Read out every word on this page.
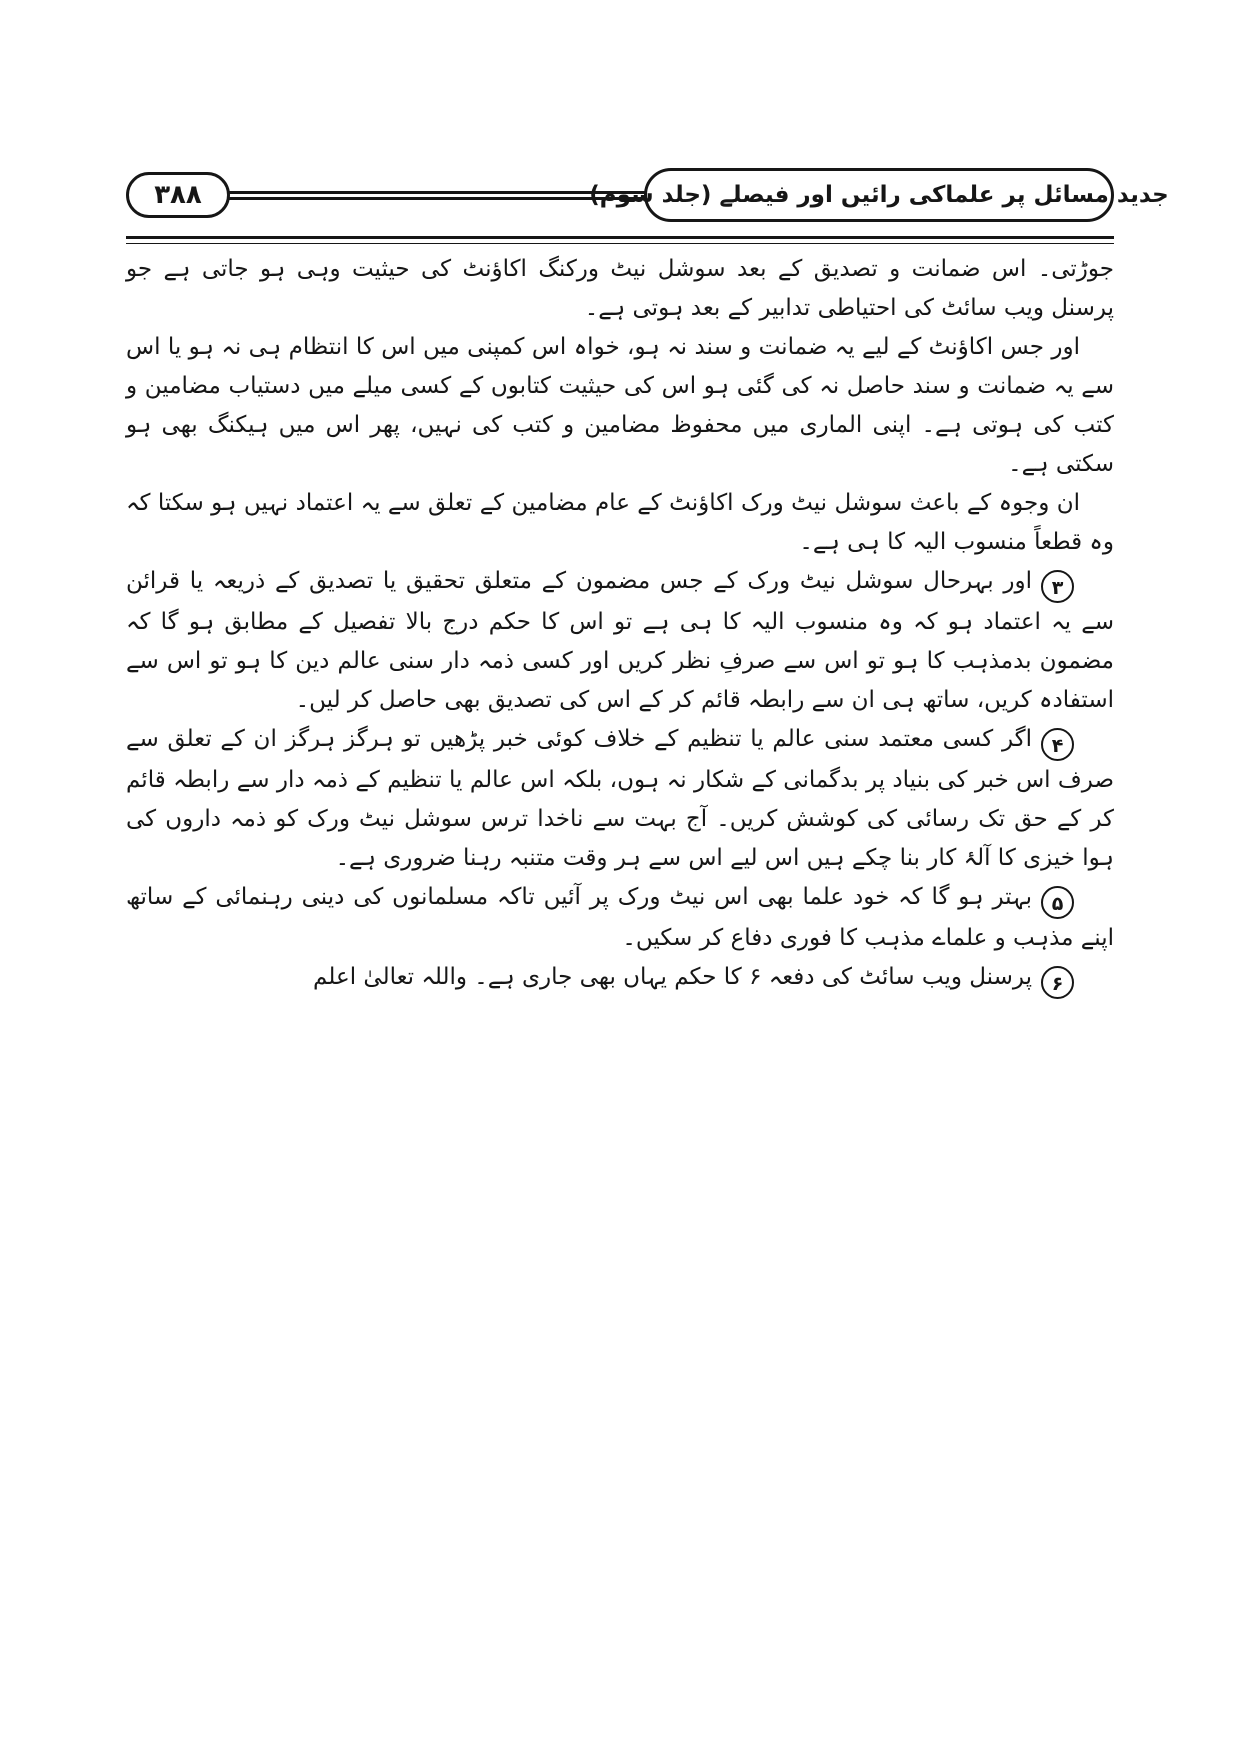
۳۸۸	جدید مسائل پر علماکی رائیں اور فیصلے (جلد سوم)

جوڑتی۔ اس ضمانت و تصدیق کے بعد سوشل نیٹ ورکنگ اکاؤنٹ کی حیثیت وہی ہو جاتی ہے جو پرسنل ویب سائٹ کی احتیاطی تدابیر کے بعد ہوتی ہے۔

اور جس اکاؤنٹ کے لیے یہ ضمانت و سند نہ ہو، خواہ اس کمپنی میں اس کا انتظام ہی نہ ہو یا اس سے یہ ضمانت و سند حاصل نہ کی گئی ہو اس کی حیثیت کتابوں کے کسی میلے میں دستیاب مضامین و کتب کی ہوتی ہے۔ اپنی الماری میں محفوظ مضامین و کتب کی نہیں، پھر اس میں ہیکنگ بھی ہو سکتی ہے۔

ان وجوہ کے باعث سوشل نیٹ ورک اکاؤنٹ کے عام مضامین کے تعلق سے یہ اعتماد نہیں ہو سکتا کہ وہ قطعاً منسوب الیہ کا ہی ہے۔

۳اور بہرحال سوشل نیٹ ورک کے جس مضمون کے متعلق تحقیق یا تصدیق کے ذریعہ یا قرائن سے یہ اعتماد ہو کہ وہ منسوب الیہ کا ہی ہے تو اس کا حکم درج بالا تفصیل کے مطابق ہو گا کہ مضمون بدمذہب کا ہو تو اس سے صرفِ نظر کریں اور کسی ذمہ دار سنی عالم دین کا ہو تو اس سے استفادہ کریں، ساتھ ہی ان سے رابطہ قائم کر کے اس کی تصدیق بھی حاصل کر لیں۔

۴اگر کسی معتمد سنی عالم یا تنظیم کے خلاف کوئی خبر پڑھیں تو ہرگز ہرگز ان کے تعلق سے صرف اس خبر کی بنیاد پر بدگمانی کے شکار نہ ہوں، بلکہ اس عالم یا تنظیم کے ذمہ دار سے رابطہ قائم کر کے حق تک رسائی کی کوشش کریں۔ آج بہت سے ناخدا ترس سوشل نیٹ ورک کو ذمہ داروں کی ہوا خیزی کا آلۂ کار بنا چکے ہیں اس لیے اس سے ہر وقت متنبہ رہنا ضروری ہے۔

۵بہتر ہو گا کہ خود علما بھی اس نیٹ ورک پر آئیں تاکہ مسلمانوں کی دینی رہنمائی کے ساتھ اپنے مذہب و علماے مذہب کا فوری دفاع کر سکیں۔

۶پرسنل ویب سائٹ کی دفعہ ۶ کا حکم یہاں بھی جاری ہے۔ واللہ تعالیٰ اعلم
